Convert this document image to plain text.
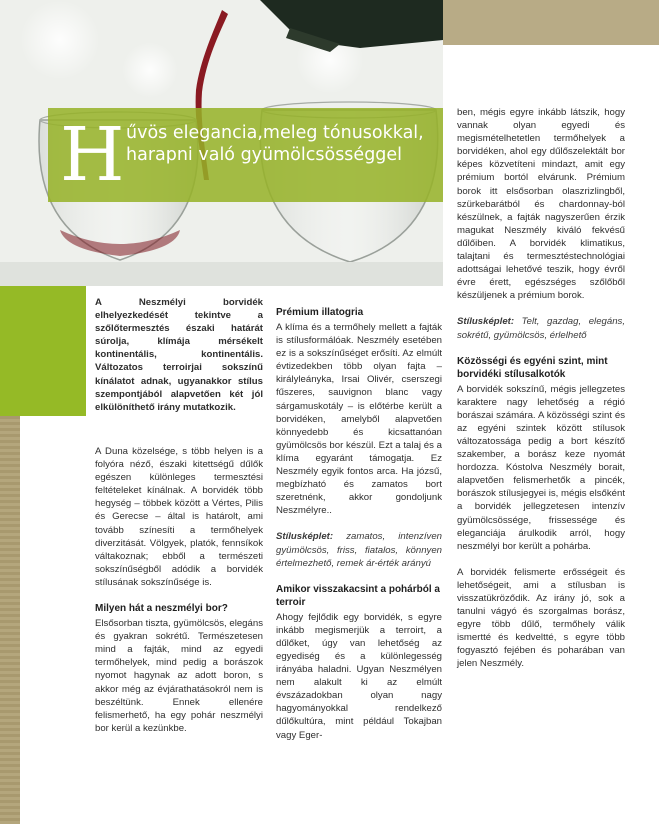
H űvös elegancia,meleg tónusokkal, harapni való gyümölcsösséggel
A Neszmélyi borvidék elhelyezkedését tekintve a szőlőtermesztés északi határát súrolja, klímája mérsékelt kontinentális, kontinentális. Változatos terroirjai sokszínű kínálatot adnak, ugyanakkor stílus szempontjából alapvetően két jól elkülöníthető irány mutatkozik.

A Duna közelsége, s több helyen is a folyóra néző, északi kitettségű dűlők egészen különleges termesztési feltételeket kínálnak. A borvidék több hegység – többek között a Vértes, Pilis és Gerecse – által is határolt, ami tovább színesíti a termőhelyek diverzitását. Völgyek, platók, fennsíkok váltakoznak; ebből a természeti sokszínűségből adódik a borvidék stílusának sokszínűsége is.

Milyen hát a neszmélyi bor?

Elsősorban tiszta, gyümölcsös, elegáns és gyakran sokrétű. Természetesen mind a fajták, mind az egyedi termőhelyek, mind pedig a borászok nyomot hagynak az adott boron, s akkor még az évjárathatásokról nem is beszéltünk. Ennek ellenére felismerhető, ha egy pohár neszmélyi bor kerül a kezünkbe.

Prémium illatogria

A klíma és a termőhely mellett a fajták is stílusformálóak. Neszmély esetében ez is a sokszínűséget erősíti. Az elmúlt évtizedekben több olyan fajta – királyleányka, Irsai Olivér, cserszegi fűszeres, sauvignon blanc vagy sárgamuskotály – is előtérbe került a borvidéken, amelyből alapvetően könnyedebb és kicsattanóan gyümölcsös bor készül. Ezt a talaj és a klíma egyaránt támogatja. Ez Neszmély egyik fontos arca. Ha józsű, megbízható és zamatos bort szeretnénk, akkor gondoljunk Neszmélyre..

Stílusképlet: zamatos, intenzíven gyümölcsös, friss, fiatalos, könnyen értelmezhető, remek ár-érték arányú

Amikor visszakacsint a pohárból a terroir

Ahogy fejlődik egy borvidék, s egyre inkább megismerjük a terroirt, a dűlőket, úgy van lehetőség az egyediség és a különlegesség irányába haladni. Ugyan Neszmélyen nem alakult ki az elmúlt évszázadokban olyan nagy hagyományokkal rendelkező dűlőkultúra, mint például Tokajban vagy Eger-

ben, mégis egyre inkább látszik, hogy vannak olyan egyedi és megismételhetetlen termőhelyek a borvidéken, ahol egy dűlőszelektált bor képes közvetíteni mindazt, amit egy prémium bortól elvárunk. Prémium borok itt elsősorban olaszrizlingből, szürkebarátból és chardonnay-ból készülnek, a fajták nagyszerűen érzik magukat Neszmély kiváló fekvésű dűlőiben. A borvidék klimatikus, talajtani és termesztéstechnológiai adottságai lehetővé teszik, hogy évről évre érett, egészséges szőlőből készüljenek a prémium borok.

Stílusképlet: Telt, gazdag, elegáns, sokrétű, gyümölcsös, érlelhető

Közösségi és egyéni szint, mint borvidéki stílusalkotók

A borvidék sokszínű, mégis jellegzetes karaktere nagy lehetőség a régió borászai számára. A közösségi szint és az egyéni szintek között stílusok változatossága pedig a bort készítő szakember, a borász keze nyomát hordozza. Kóstolva Neszmély borait, alapvetően felismerhetők a pincék, borászok stílusjegyei is, mégis elsőként a borvidék jellegzetesen intenzív gyümölcsössége, frissessége és eleganciája árulkodik arról, hogy neszmélyi bor került a pohárba.

A borvidék felismerte erősségeit és lehetőségeit, ami a stílusban is visszatükröződik. Az irány jó, sok a tanulni vágyó és szorgalmas borász, egyre több dűlő, termőhely válik ismertté és kedveltté, s egyre több fogyasztó fejében és poharában van jelen Neszmély.
